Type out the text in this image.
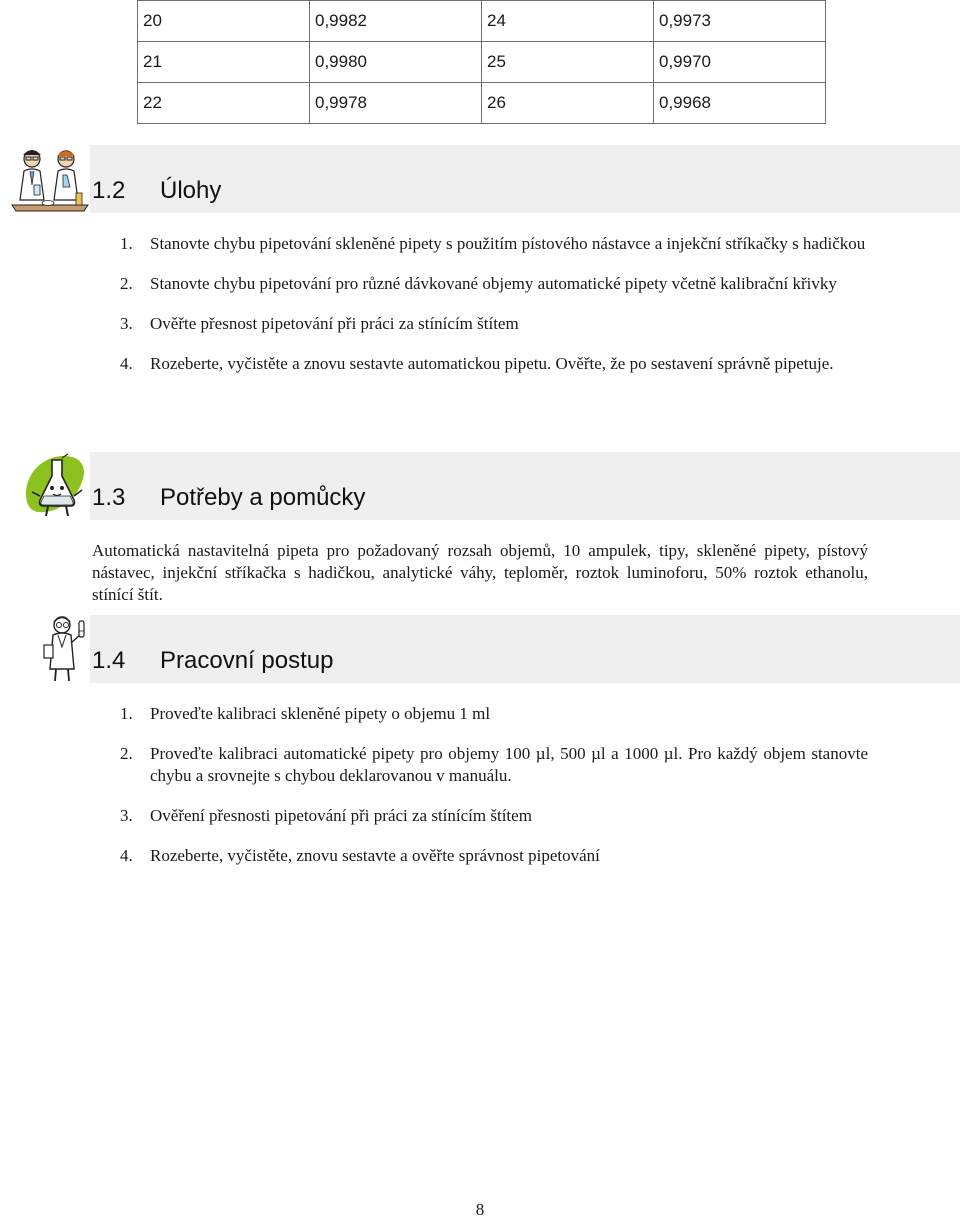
20	0,9982	24	0,9973
21	0,9980	25	0,9970
22	0,9978	26	0,9968
1.2 Úlohy
1. Stanovte chybu pipetování skleněné pipety s použitím pístového nástavce a injekční stříkačky s hadičkou
2. Stanovte chybu pipetování pro různé dávkované objemy automatické pipety včetně kalibrační křivky
3. Ověřte přesnost pipetování při práci za stínícím štítem
4. Rozeberte, vyčistěte a znovu sestavte automatickou pipetu. Ověřte, že po sestavení správně pipetuje.
1.3 Potřeby a pomůcky
Automatická nastavitelná pipeta pro požadovaný rozsah objemů, 10 ampulek, tipy, skleněné pipety, pístový nástavec, injekční stříkačka s hadičkou, analytické váhy, teploměr, roztok luminoforu, 50% roztok ethanolu, stínící štít.
1.4 Pracovní postup
1. Proveďte kalibraci skleněné pipety o objemu 1 ml
2. Proveďte kalibraci automatické pipety pro objemy 100 µl, 500 µl a 1000 µl. Pro každý objem stanovte chybu a srovnejte s chybou deklarovanou v manuálu.
3. Ověření přesnosti pipetování při práci za stínícím štítem
4. Rozeberte, vyčistěte, znovu sestavte a ověřte správnost pipetování
8
